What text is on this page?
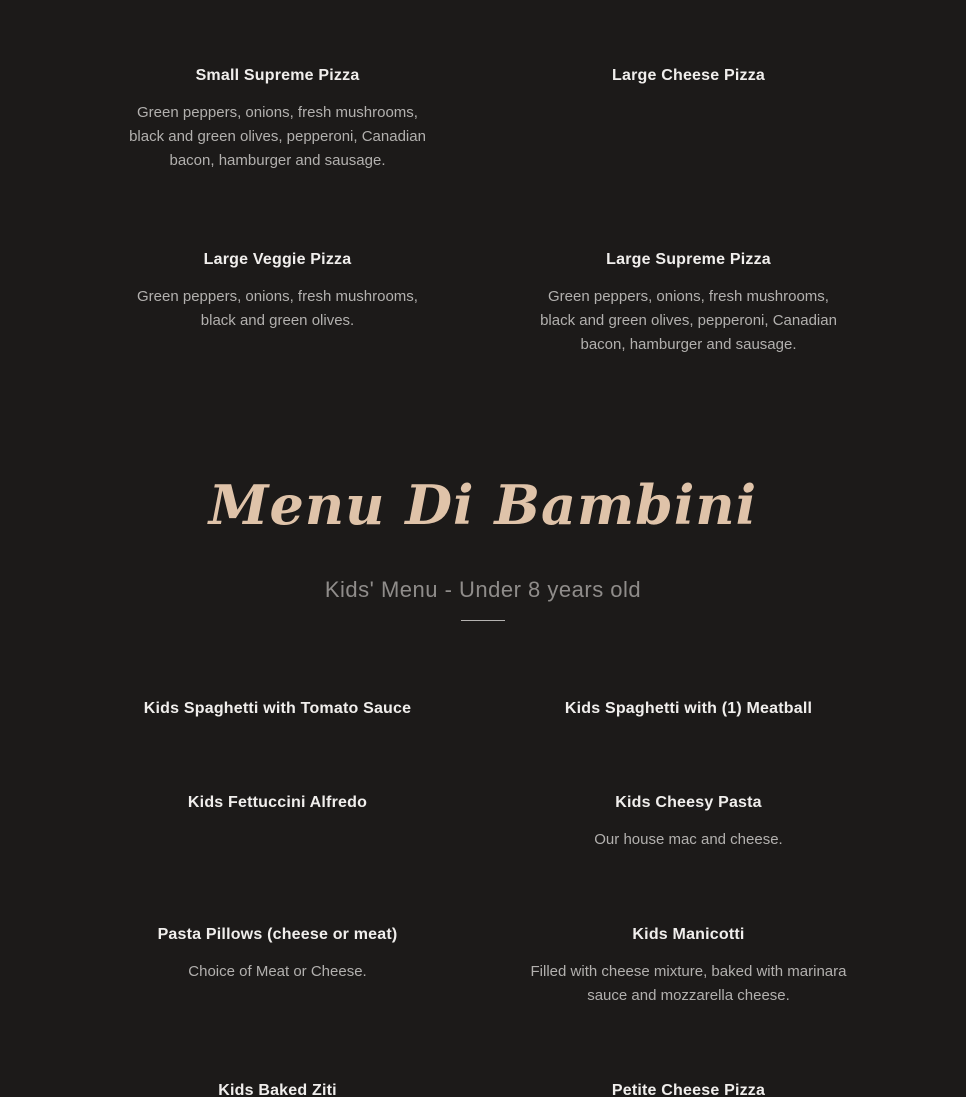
Small Supreme Pizza

Green peppers, onions, fresh mushrooms, black and green olives, pepperoni, Canadian bacon, hamburger and sausage.

Large Cheese Pizza
Large Veggie Pizza

Green peppers, onions, fresh mushrooms, black and green olives.

Large Supreme Pizza

Green peppers, onions, fresh mushrooms, black and green olives, pepperoni, Canadian bacon, hamburger and sausage.

Menu Di Bambini
Kids' Menu - Under 8 years old
Kids Spaghetti with Tomato Sauce	Kids Spaghetti with (1) Meatball
Kids Fettuccini Alfredo	Kids Cheesy Pasta

Our house mac and cheese.

Pasta Pillows (cheese or meat)

Choice of Meat or Cheese.

Kids Manicotti

Filled with cheese mixture, baked with marinara sauce and mozzarella cheese.

Kids Baked Ziti	Petite Cheese Pizza
